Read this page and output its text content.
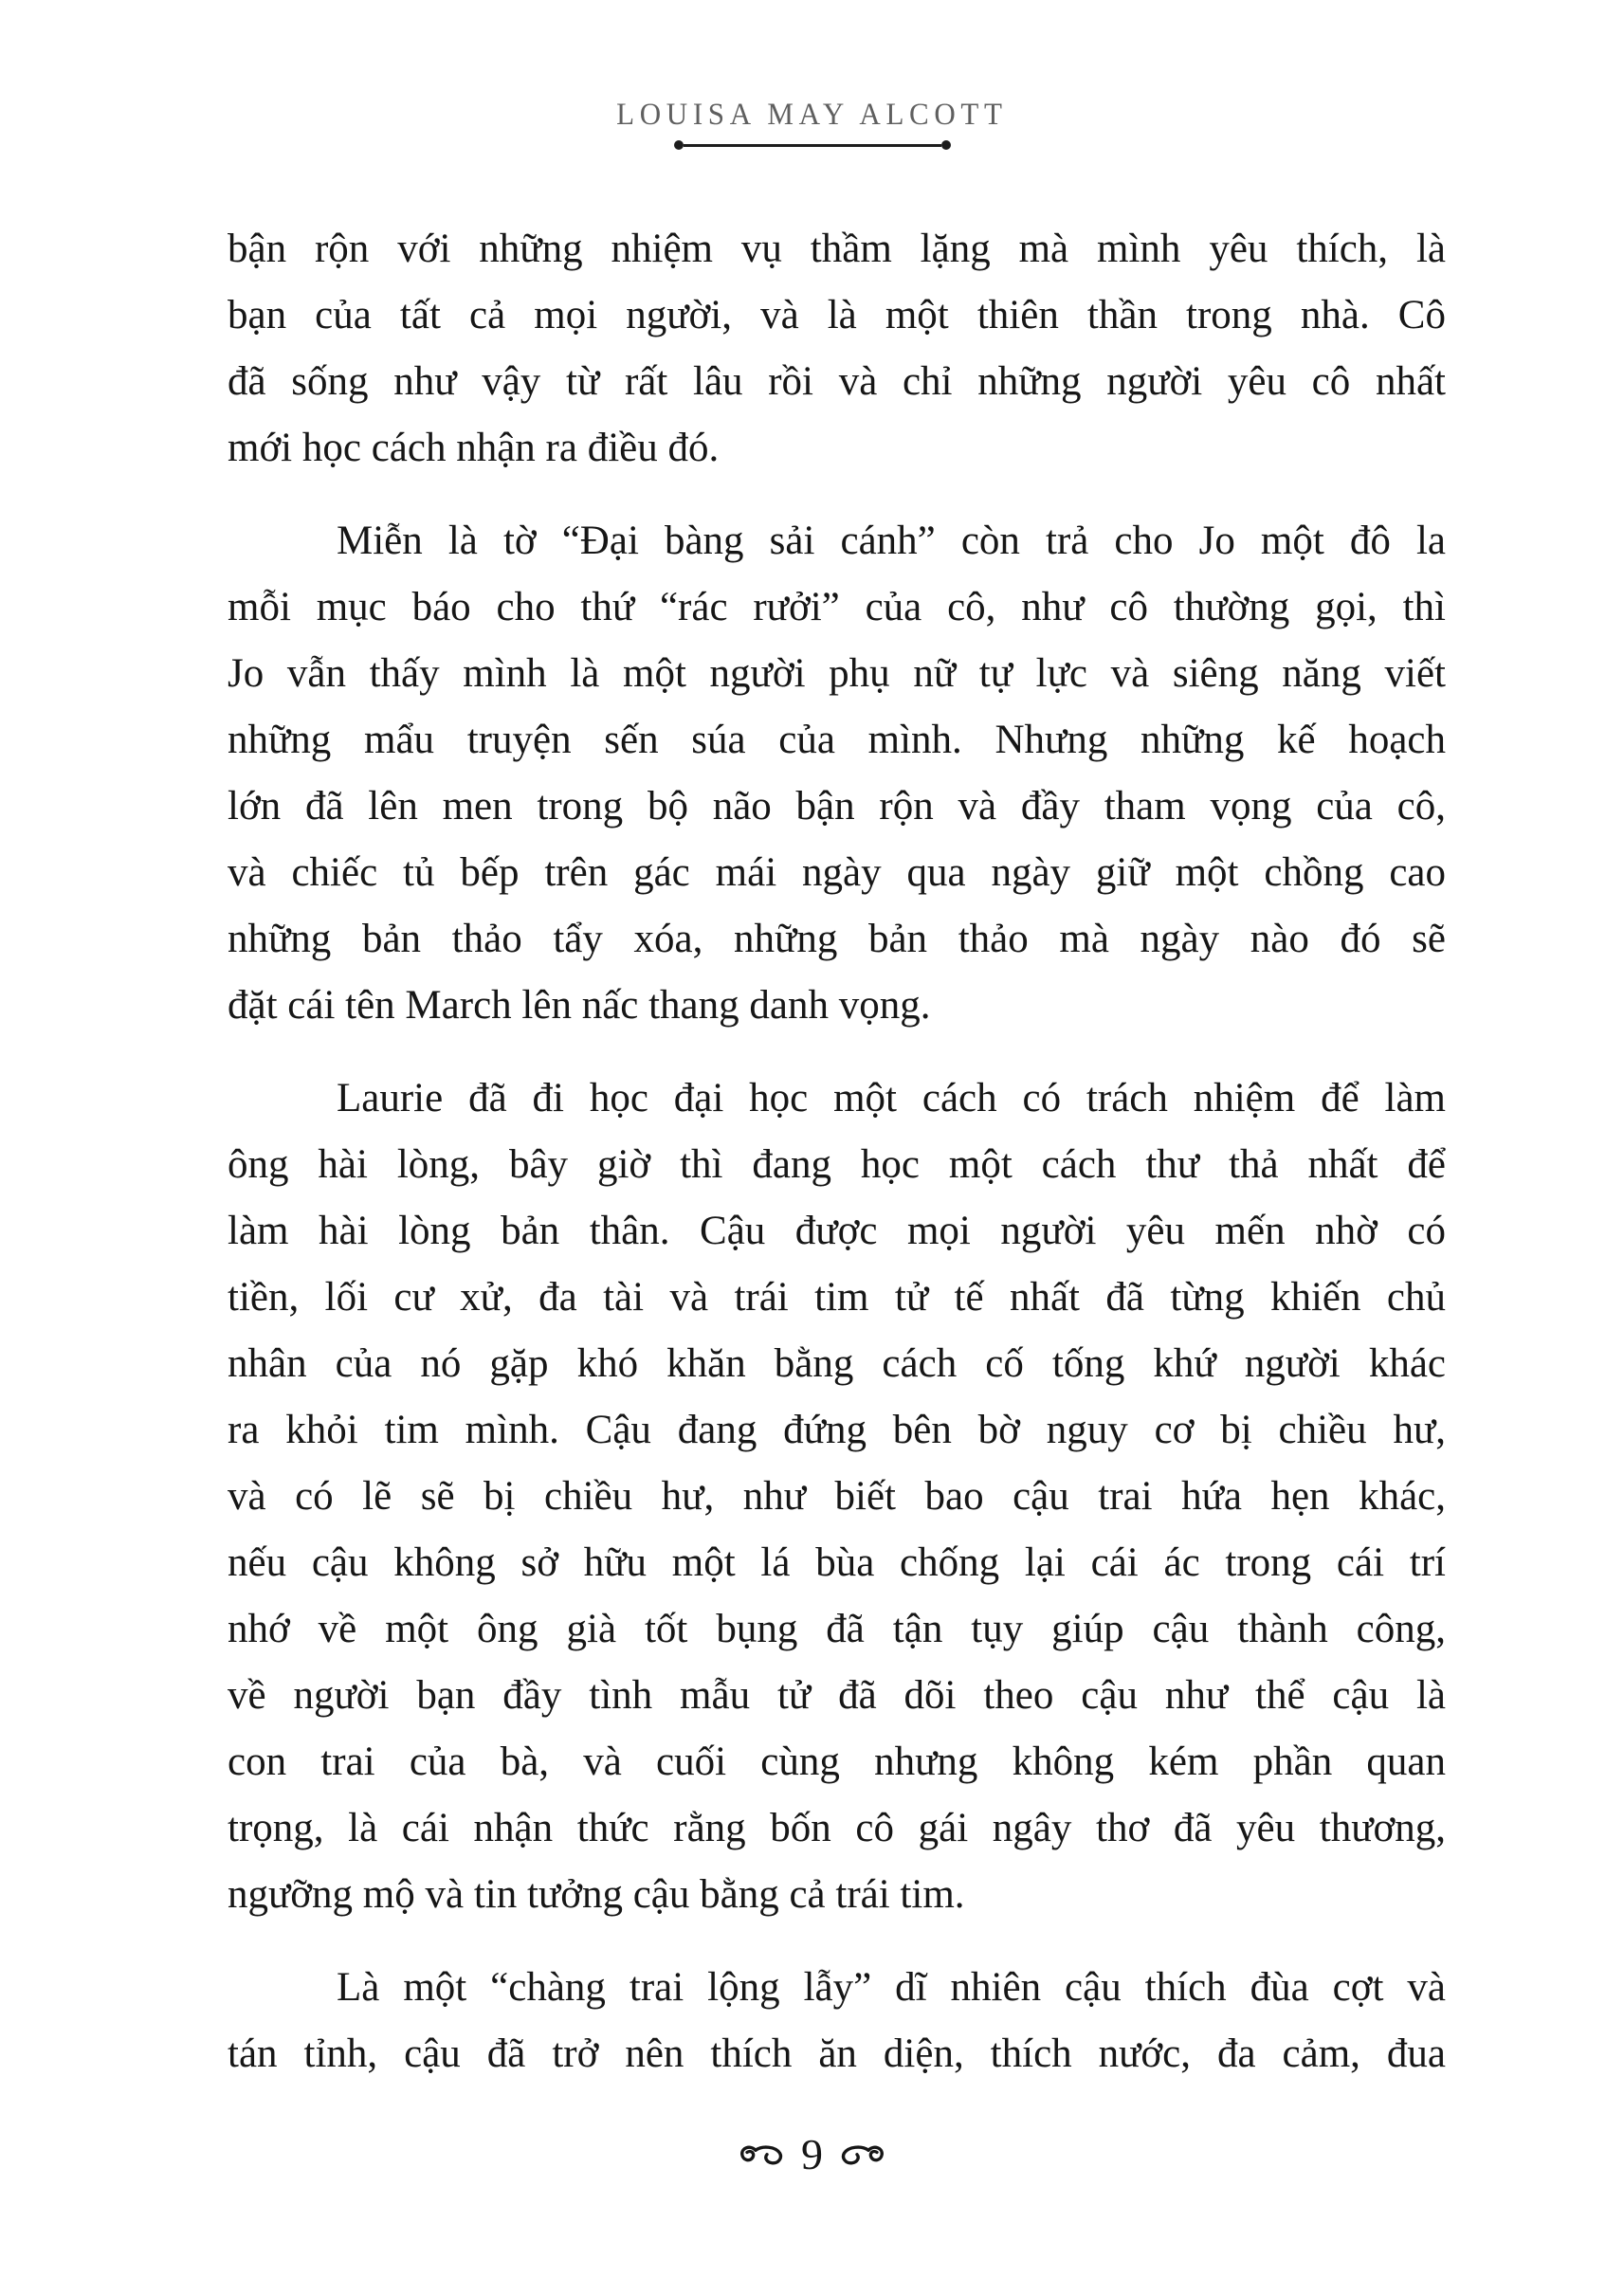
LOUISA MAY ALCOTT
bận rộn với những nhiệm vụ thầm lặng mà mình yêu thích, là
bạn của tất cả mọi người, và là một thiên thần trong nhà. Cô
đã sống như vậy từ rất lâu rồi và chỉ những người yêu cô nhất
mới học cách nhận ra điều đó.
Miễn là tờ “Đại bàng sải cánh” còn trả cho Jo một đô la
mỗi mục báo cho thứ “rác rưởi” của cô, như cô thường gọi, thì
Jo vẫn thấy mình là một người phụ nữ tự lực và siêng năng viết
những mẩu truyện sến súa của mình. Nhưng những kế hoạch
lớn đã lên men trong bộ não bận rộn và đầy tham vọng của cô,
và chiếc tủ bếp trên gác mái ngày qua ngày giữ một chồng cao
những bản thảo tẩy xóa, những bản thảo mà ngày nào đó sẽ
đặt cái tên March lên nấc thang danh vọng.
Laurie đã đi học đại học một cách có trách nhiệm để làm
ông hài lòng, bây giờ thì đang học một cách thư thả nhất để
làm hài lòng bản thân. Cậu được mọi người yêu mến nhờ có
tiền, lối cư xử, đa tài và trái tim tử tế nhất đã từng khiến chủ
nhân của nó gặp khó khăn bằng cách cố tống khứ người khác
ra khỏi tim mình. Cậu đang đứng bên bờ nguy cơ bị chiều hư,
và có lẽ sẽ bị chiều hư, như biết bao cậu trai hứa hẹn khác,
nếu cậu không sở hữu một lá bùa chống lại cái ác trong cái trí
nhớ về một ông già tốt bụng đã tận tụy giúp cậu thành công,
về người bạn đầy tình mẫu tử đã dõi theo cậu như thể cậu là
con trai của bà, và cuối cùng nhưng không kém phần quan
trọng, là cái nhận thức rằng bốn cô gái ngây thơ đã yêu thương,
ngưỡng mộ và tin tưởng cậu bằng cả trái tim.
Là một “chàng trai lộng lẫy” dĩ nhiên cậu thích đùa cợt và
tán tỉnh, cậu đã trở nên thích ăn diện, thích nước, đa cảm, đua
9
